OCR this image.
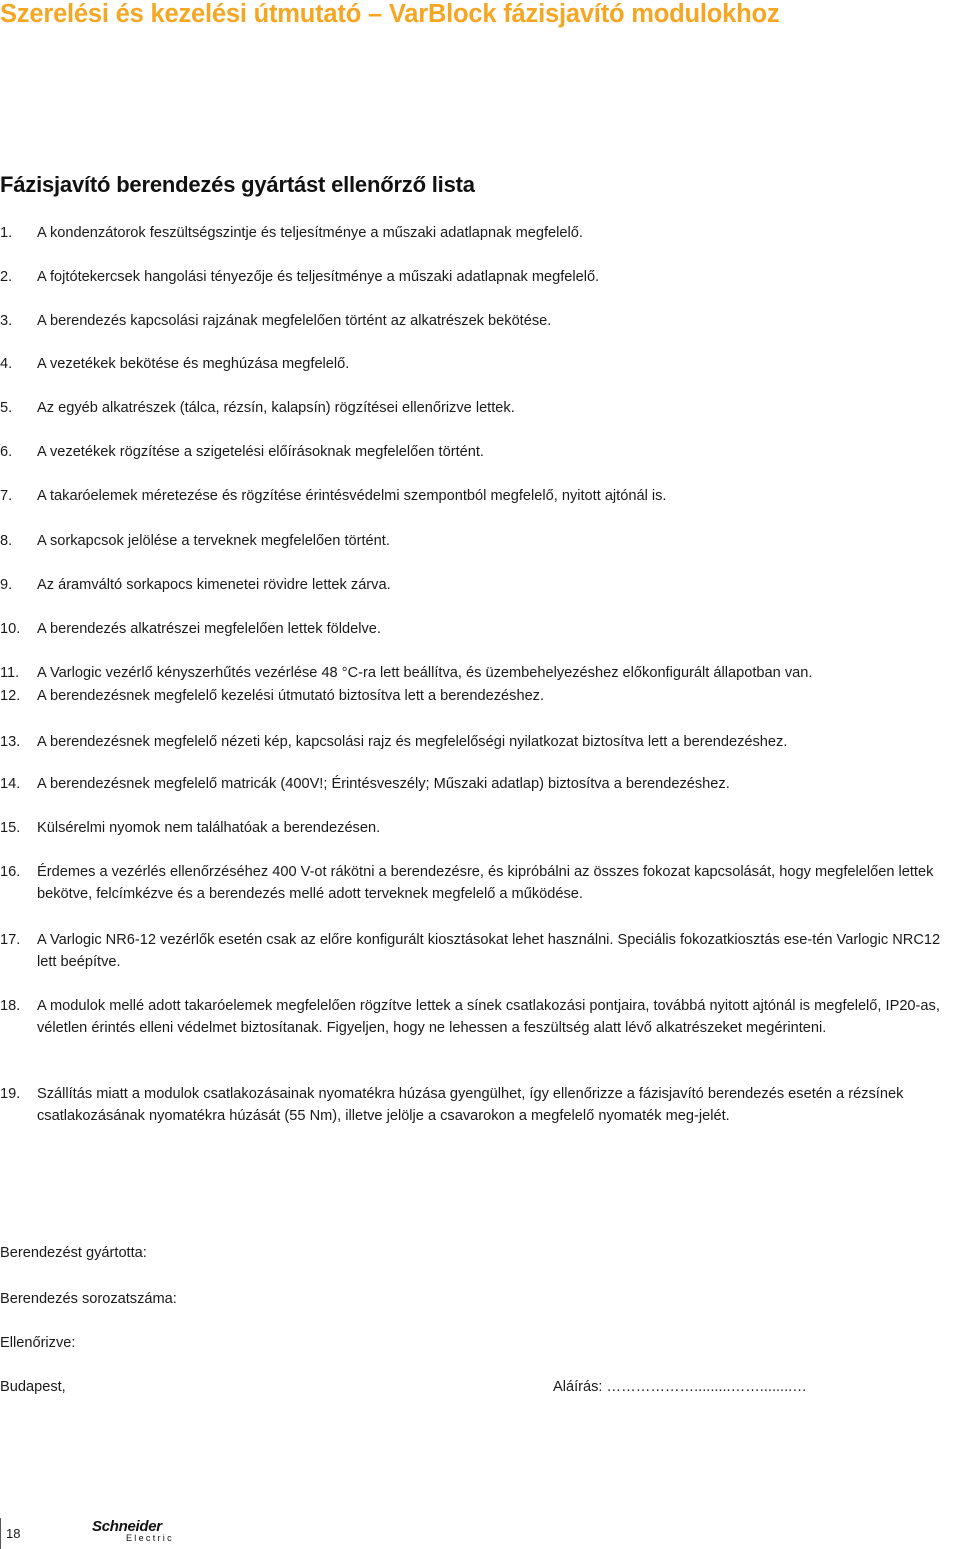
Szerelési és kezelési útmutató – VarBlock fázisjavító modulokhoz
Fázisjavító berendezés gyártást ellenőrző lista
1.	A kondenzátorok feszültségszintje és teljesítménye a műszaki adatlapnak megfelelő.
2.	A fojtótekercsek hangolási tényezője és teljesítménye a műszaki adatlapnak megfelelő.
3.	A berendezés kapcsolási rajzának megfelelően történt az alkatrészek bekötése.
4.	A vezetékek bekötése és meghúzása megfelelő.
5.	Az egyéb alkatrészek (tálca, rézsín, kalapsín) rögzítései ellenőrizve lettek.
6.	A vezetékek rögzítése a szigetelési előírásoknak megfelelően történt.
7.	A takaróelemek méretezése és rögzítése érintésvédelmi szempontból megfelelő, nyitott ajtónál is.
8.	A sorkapcsok jelölése a terveknek megfelelően történt.
9.	Az áramváltó sorkapocs kimenetei rövidre lettek zárva.
10.	A berendezés alkatrészei megfelelően lettek földelve.
11.	A Varlogic vezérlő kényszerhűtés vezérlése 48 °C-ra lett beállítva, és üzembehelyezéshez előkonfigurált állapotban van.
12.	A berendezésnek megfelelő kezelési útmutató biztosítva lett a berendezéshez.
13.	A berendezésnek megfelelő nézeti kép, kapcsolási rajz és megfelelőségi nyilatkozat biztosítva lett a berendezéshez.
14.	A berendezésnek megfelelő matricák (400V!; Érintésveszély; Műszaki adatlap) biztosítva a berendezéshez.
15.	Külsérelmi nyomok nem találhatóak a berendezésen.
16.	Érdemes a vezérlés ellenőrzéséhez 400 V-ot rákötni a berendezésre, és kipróbálni az összes fokozat kapcsolását, hogy megfelelően lettek bekötve, felcímkézve és a berendezés mellé adott terveknek megfelelő a működése.
17.	A Varlogic NR6-12 vezérlők esetén csak az előre konfigurált kiosztásokat lehet használni. Speciális fokozatkiosztás ese-tén Varlogic NRC12 lett beépítve.
18.	A modulok mellé adott takaróelemek megfelelően rögzítve lettek a sínek csatlakozási pontjaira, továbbá nyitott ajtónál is megfelelő, IP20-as, véletlen érintés elleni védelmet biztosítanak. Figyeljen, hogy ne lehessen a feszültség alatt lévő alkatrészeket megérinteni.
19.	Szállítás miatt a modulok csatlakozásainak nyomatékra húzása gyengülhet, így ellenőrizze a fázisjavító berendezés esetén a rézsínek csatlakozásának nyomatékra húzását (55 Nm), illetve jelölje a csavarokon a megfelelő nyomaték meg-jelét.
Berendezést gyártotta:
Berendezés sorozatszáma:
Ellenőrizve:
Budapest,	Aláírás: ……………….........……........…
18	Schneider
Electric
